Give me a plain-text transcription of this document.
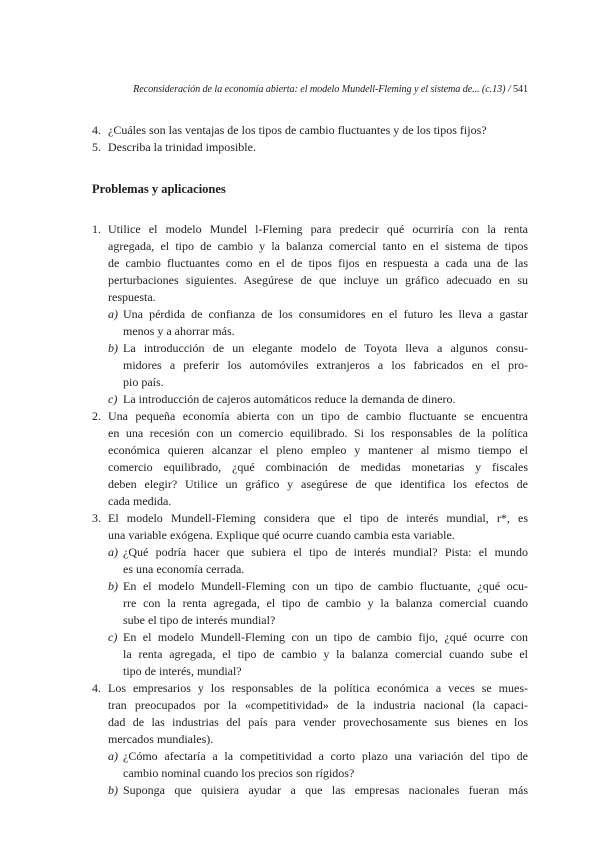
Reconsideración de la economía abierta: el modelo Mundell-Fleming y el sistema de... (c.13) / 541
4. ¿Cuáles son las ventajas de los tipos de cambio fluctuantes y de los tipos fijos?
5. Describa la trinidad imposible.
Problemas y aplicaciones
1. Utilice el modelo Mundel l-Fleming para predecir qué ocurriría con la renta
agregada, el tipo de cambio y la balanza comercial tanto en el sistema de tipos
de cambio fluctuantes como en el de tipos fijos en respuesta a cada una de las
perturbaciones siguientes. Asegúrese de que incluye un gráfico adecuado en su
respuesta.
a) Una pérdida de confianza de los consumidores en el futuro les lleva a gastar
menos y a ahorrar más.
b) La introducción de un elegante modelo de Toyota lleva a algunos consu-
midores a preferir los automóviles extranjeros a los fabricados en el pro-
pio país.
c) La introducción de cajeros automáticos reduce la demanda de dinero.
2. Una pequeña economía abierta con un tipo de cambio fluctuante se encuentra
en una recesión con un comercio equilibrado. Si los responsables de la política
económica quieren alcanzar el pleno empleo y mantener al mismo tiempo el
comercio equilibrado, ¿qué combinación de medidas monetarias y fiscales
deben elegir? Utilice un gráfico y asegúrese de que identifica los efectos de
cada medida.
3. El modelo Mundell-Fleming considera que el tipo de interés mundial, r*, es
una variable exógena. Explique qué ocurre cuando cambia esta variable.
a) ¿Qué podría hacer que subiera el tipo de interés mundial? Pista: el mundo
es una economía cerrada.
b) En el modelo Mundell-Fleming con un tipo de cambio fluctuante, ¿qué ocu-
rre con la renta agregada, el tipo de cambio y la balanza comercial cuando
sube el tipo de interés mundial?
c) En el modelo Mundell-Fleming con un tipo de cambio fijo, ¿qué ocurre con
la renta agregada, el tipo de cambio y la balanza comercial cuando sube el
tipo de interés, mundial?
4. Los empresarios y los responsables de la política económica a veces se mues-
tran preocupados por la «competitividad» de la industria nacional (la capaci-
dad de las industrias del país para vender provechosamente sus bienes en los
mercados mundiales).
a) ¿Cómo afectaría a la competitividad a corto plazo una variación del tipo de
cambio nominal cuando los precios son rígidos?
b) Suponga que quisiera ayudar a que las empresas nacionales fueran más
